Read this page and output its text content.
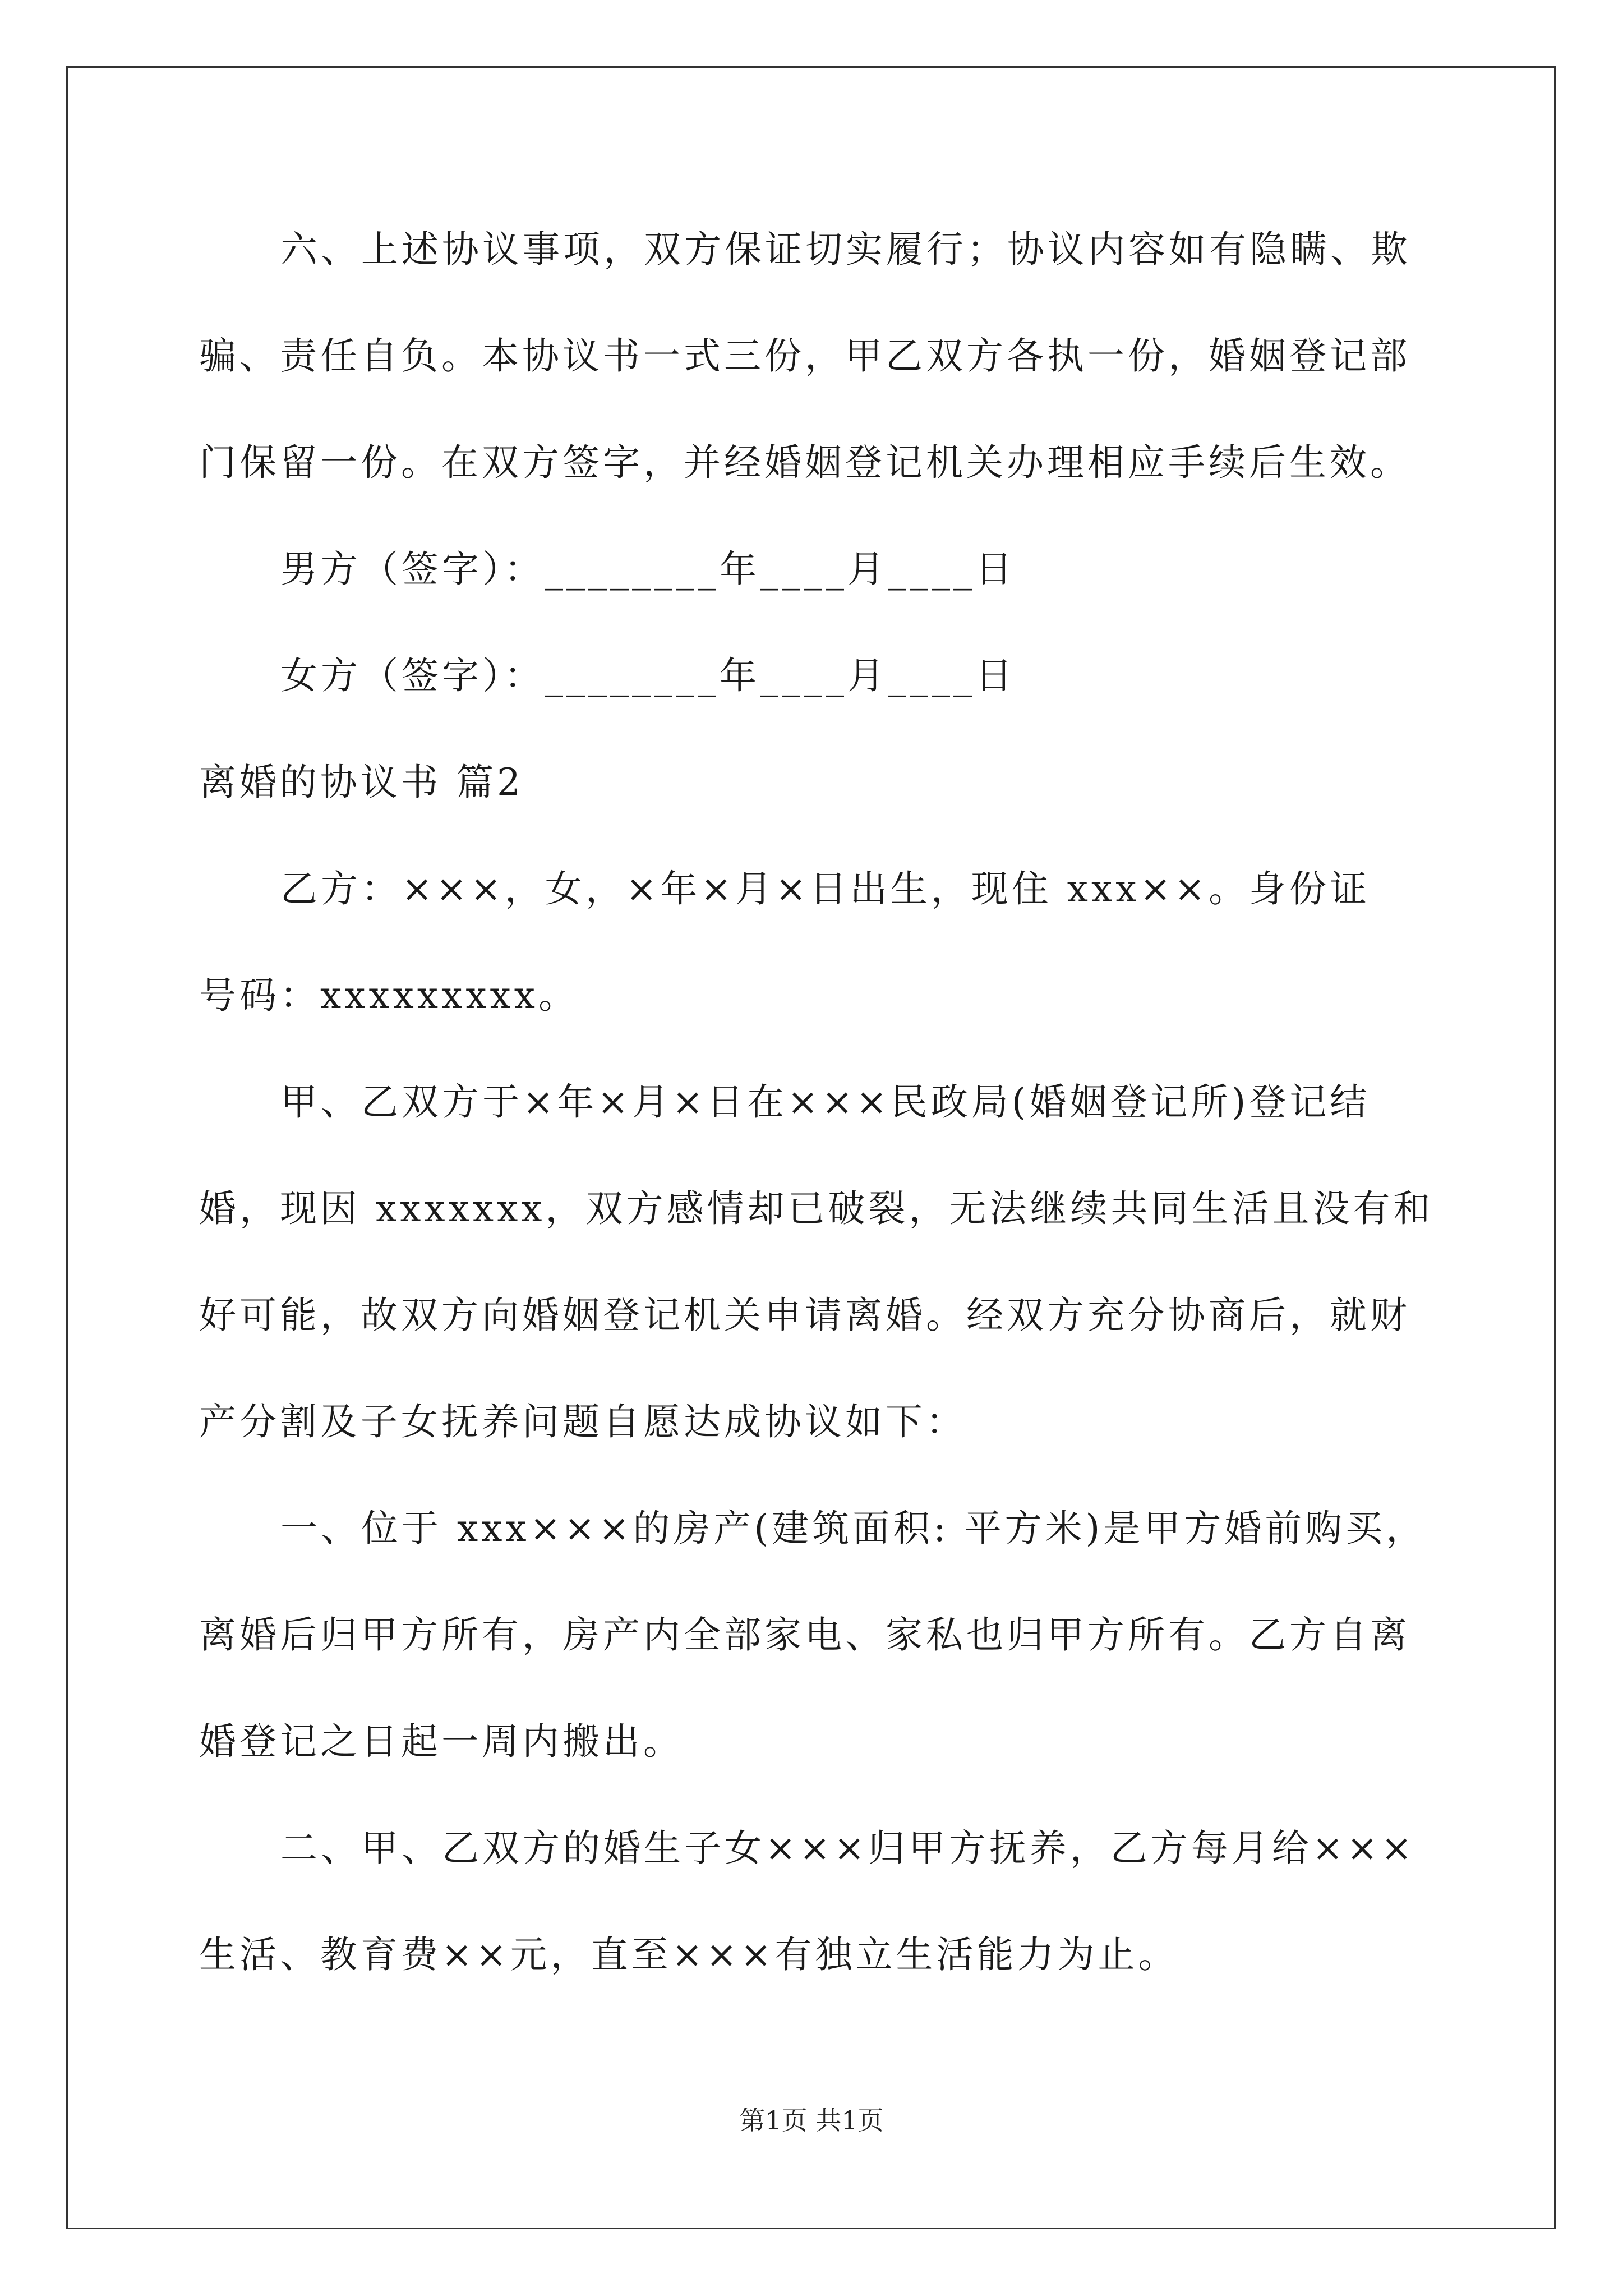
六、上述协议事项，双方保证切实履行；协议内容如有隐瞒、欺
骗、责任自负。本协议书一式三份，甲乙双方各执一份，婚姻登记部
门保留一份。在双方签字，并经婚姻登记机关办理相应手续后生效。
男方（签字）：________年____月____日
女方（签字）：________年____月____日
离婚的协议书 篇2
乙方：×××，女，×年×月×日出生，现住 xxx××。身份证
号码：xxxxxxxxx。
甲、乙双方于×年×月×日在×××民政局(婚姻登记所)登记结
婚，现因 xxxxxxx，双方感情却已破裂，无法继续共同生活且没有和
好可能，故双方向婚姻登记机关申请离婚。经双方充分协商后，就财
产分割及子女抚养问题自愿达成协议如下：
一、位于 xxx×××的房产(建筑面积: 平方米)是甲方婚前购买，
离婚后归甲方所有，房产内全部家电、家私也归甲方所有。乙方自离
婚登记之日起一周内搬出。
二、甲、乙双方的婚生子女×××归甲方抚养，乙方每月给×××
生活、教育费××元，直至×××有独立生活能力为止。
第1页 共1页
